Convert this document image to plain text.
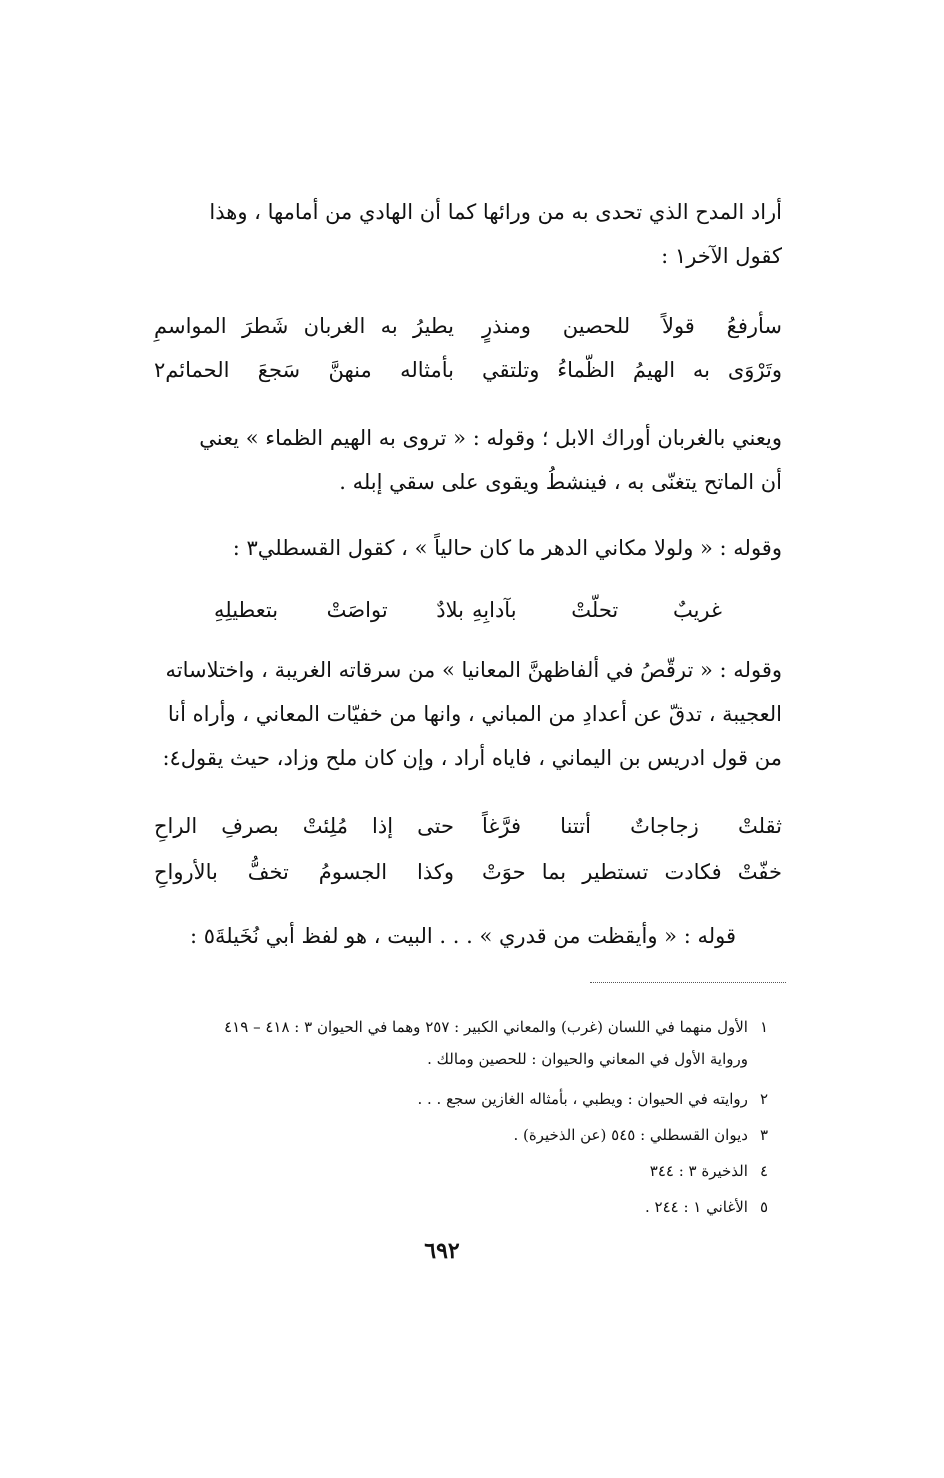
أراد المدح الذي تحدى به من ورائها كما أن الهادي من أمامها ، وهذا
كقول الآخر١ :
سأرفعُ قولاً للحصين ومنذرٍ
يطيرُ به الغربان شَطرَ المواسمِ
وتَرْوَى به الهيمُ الظّماءُ وتلتقي
بأمثاله منهنَّ سَجعَ الحمائم٢
ويعني بالغربان أوراك الابل ؛ وقوله : « تروى به الهيم الظماء » يعني
أن الماتح يتغنّى به ، فينشطُ ويقوى على سقي إبله .
وقوله : « ولولا مكاني الدهر ما كان حالياً » ، كقول القسطلي٣ :
غريبٌ تحلّتْ بآدابِهِ
بلادٌ تواصَتْ بتعطيلِهِ
وقوله : « ترقّصُ في ألفاظهنَّ المعانيا » من سرقاته الغريبة ، واختلاساته
العجيبة ، تدقّ عن أعدادِ من المباني ، وانها من خفيّات المعاني ، وأراه أنا
من قول ادريس بن اليماني ، فاياه أراد ، وإن كان ملح وزاد، حيث يقول٤:
ثقلتْ زجاجاتٌ أتتنا فرَّغاً
حتى إذا مُلِئتْ بصرفِ الراحِ
خفّتْ فكادت تستطير بما حوَتْ
وكذا الجسومُ تخفُّ بالأرواحِ
قوله : « وأيقظت من قدري » . . . البيت ، هو لفظ أبي نُخَيلةَ٥ :
١الأول منهما في اللسان (غرب) والمعاني الكبير : ٢٥٧ وهما في الحيوان ٣ : ٤١٨ – ٤١٩
ورواية الأول في المعاني والحيوان : للحصين ومالك .
٢روايته في الحيوان : ويطبي ، بأمثاله الغازين سجع . . .
٣ديوان القسطلي : ٥٤٥ (عن الذخيرة) .
٤الذخيرة ٣ : ٣٤٤
٥الأغاني ١ : ٢٤٤ .
٦٩٢
